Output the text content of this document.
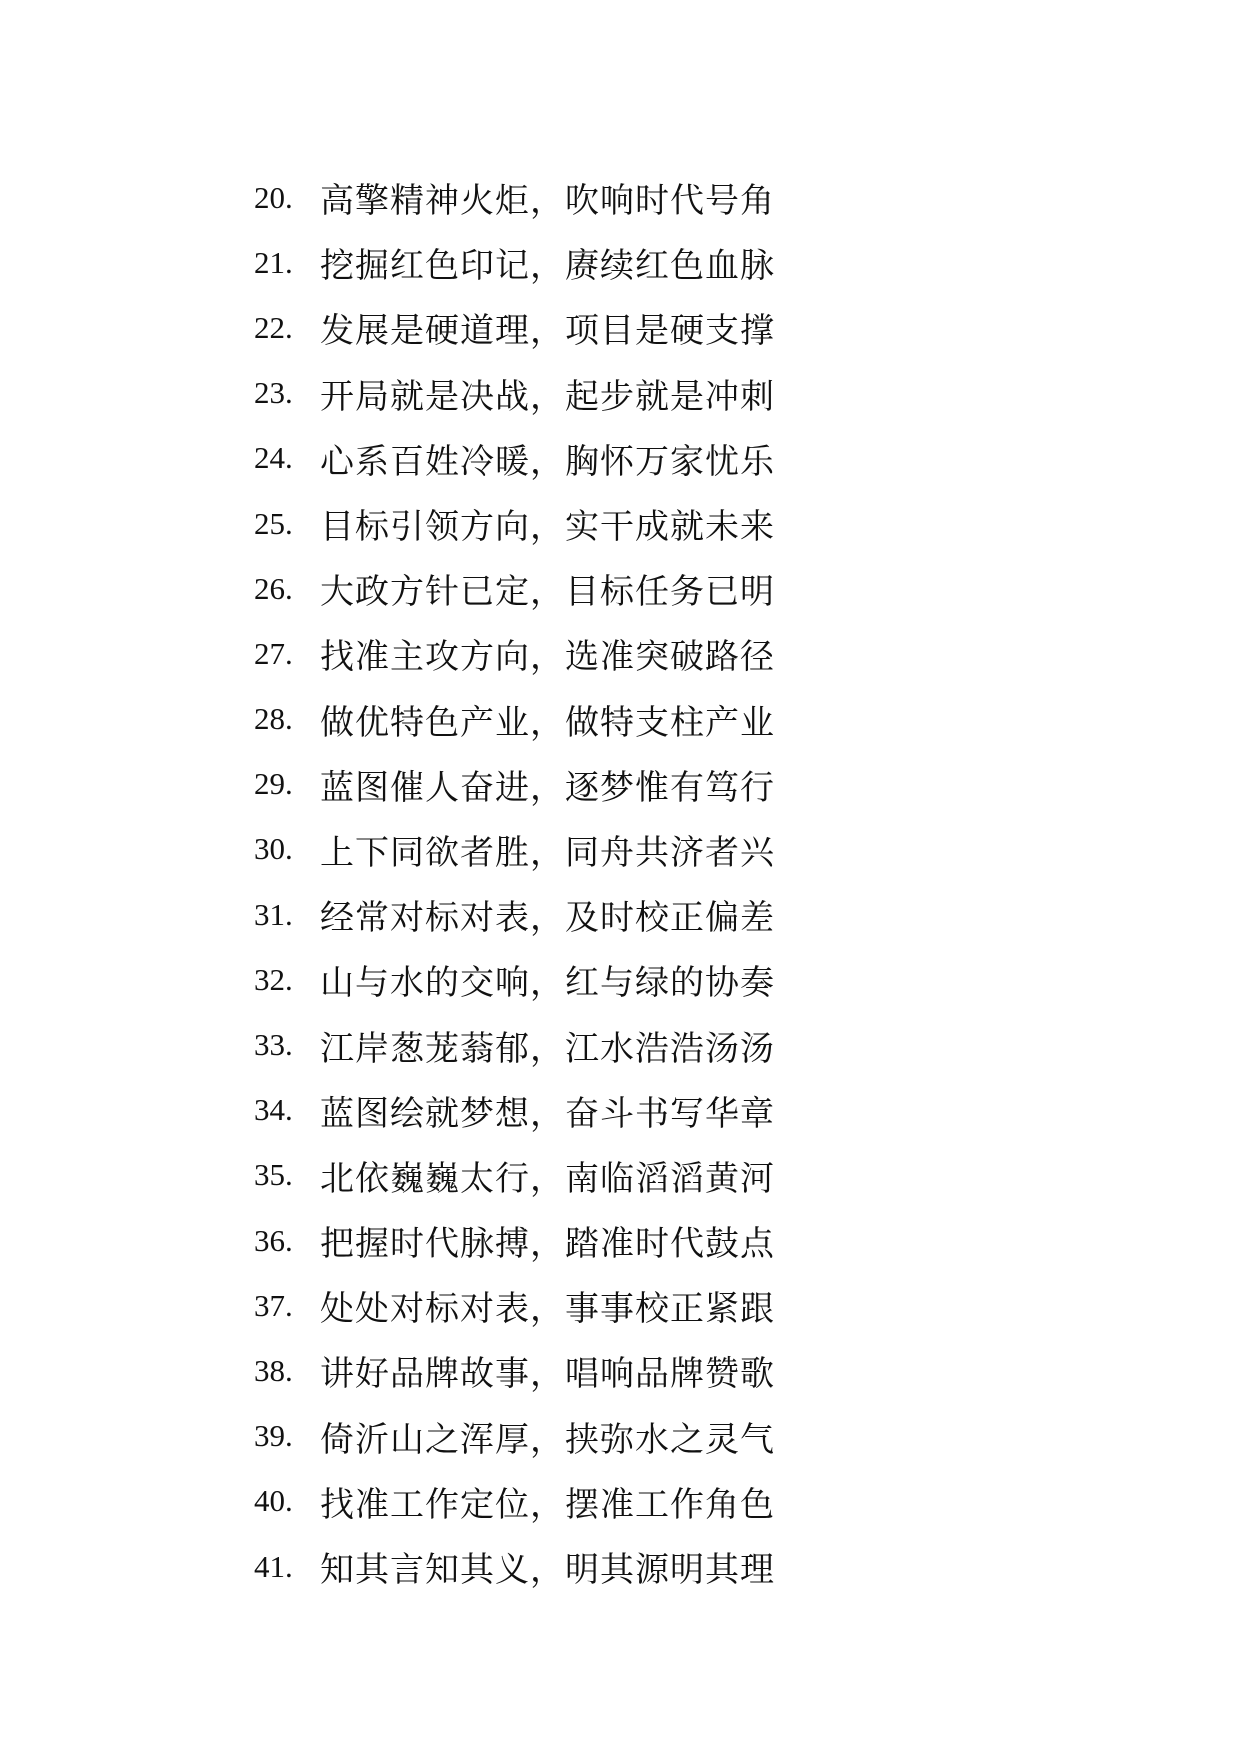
20. 高擎精神火炬，吹响时代号角
21. 挖掘红色印记，赓续红色血脉
22. 发展是硬道理，项目是硬支撑
23. 开局就是决战，起步就是冲刺
24. 心系百姓冷暖，胸怀万家忧乐
25. 目标引领方向，实干成就未来
26. 大政方针已定，目标任务已明
27. 找准主攻方向，选准突破路径
28. 做优特色产业，做特支柱产业
29. 蓝图催人奋进，逐梦惟有笃行
30. 上下同欲者胜，同舟共济者兴
31. 经常对标对表，及时校正偏差
32. 山与水的交响，红与绿的协奏
33. 江岸葱茏蓊郁，江水浩浩汤汤
34. 蓝图绘就梦想，奋斗书写华章
35. 北依巍巍太行，南临滔滔黄河
36. 把握时代脉搏，踏准时代鼓点
37. 处处对标对表，事事校正紧跟
38. 讲好品牌故事，唱响品牌赞歌
39. 倚沂山之浑厚，挟弥水之灵气
40. 找准工作定位，摆准工作角色
41. 知其言知其义，明其源明其理
